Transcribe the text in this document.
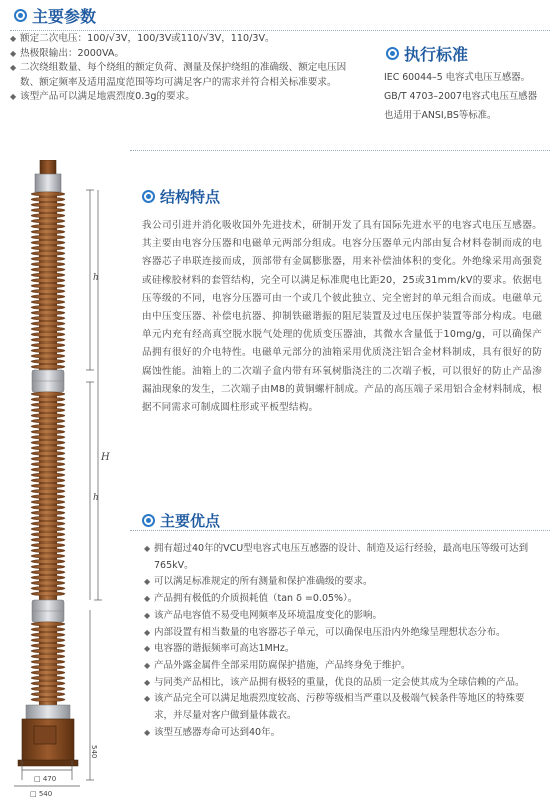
主要参数
◆ 额定二次电压：100/√3V，100/3V或110/√3V，110/3V。
◆ 热极限输出：2000VA。
◆ 二次绕组数量、每个绕组的额定负荷、测量及保护绕组的准确级、额定电压因数、额定频率及适用温度范围等均可满足客户的需求并符合相关标准要求。
◆ 该型产品可以满足地震烈度0.3g的要求。
执行标准
IEC 60044–5 电容式电压互感器。
GB/T 4703–2007电容式电压互感器
也适用于ANSI,BS等标准。
结构特点
我公司引进并消化吸收国外先进技术，研制开发了具有国际先进水平的电容式电压互感器。其主要由电容分压器和电磁单元两部分组成。电容分压器单元内部由复合材料卷制而成的电容器芯子串联连接而成，顶部带有金属膨胀器，用来补偿油体积的变化。外绝缘采用高强瓷或硅橡胶材料的套管结构，完全可以满足标准爬电比距20，25或31mm/kV的要求。依据电压等级的不同，电容分压器可由一个或几个彼此独立、完全密封的单元组合而成。电磁单元由中压变压器、补偿电抗器、抑制铁磁谐振的阻尼装置及过电压保护装置等部分构成。电磁单元内充有经高真空脱水脱气处理的优质变压器油，其微水含量低于10mg/g，可以确保产品拥有很好的介电特性。电磁单元部分的油箱采用优质浇注铝合金材料制成，具有很好的防腐蚀性能。油箱上的二次端子盒内带有环氧树脂浇注的二次端子板，可以很好的防止产品渗漏油现象的发生，二次端子由M8的黄铜螺杆制成。产品的高压端子采用铝合金材料制成，根据不同需求可制成圆柱形或平板型结构。
主要优点
◆ 拥有超过40年的VCU型电容式电压互感器的设计、制造及运行经验，最高电压等级可达到765kV。
◆ 可以满足标准规定的所有测量和保护准确级的要求。
◆ 产品拥有极低的介质损耗值（tan δ =0.05%）。
◆ 该产品电容值不易受电网频率及环境温度变化的影响。
◆ 内部设置有相当数量的电容器芯子单元，可以确保电压沿内外绝缘呈理想状态分布。
◆ 电容器的谐振频率可高达1MHz。
◆ 产品外露金属件全部采用防腐保护措施，产品终身免于维护。
◆ 与同类产品相比，该产品拥有极轻的重量，优良的品质一定会使其成为全球信赖的产品。
◆ 该产品完全可以满足地震烈度较高、污秽等级相当严重以及极端气候条件等地区的特殊要求，并尽量对客户做到量体裁衣。
◆ 该型互感器寿命可达到40年。
h
H
h
540
□ 470
□ 540
